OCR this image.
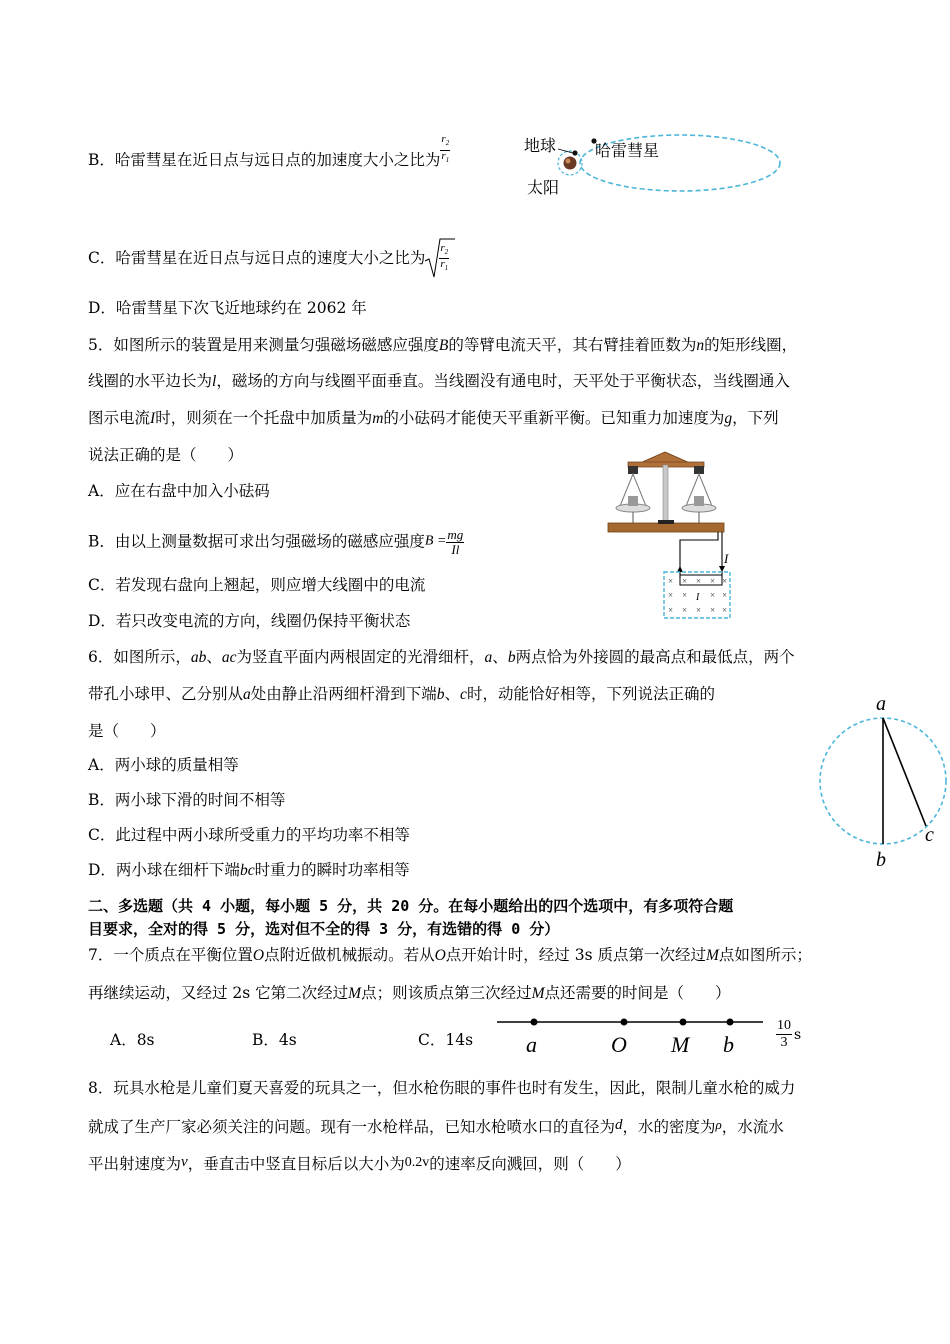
B．哈雷彗星在近日点与远日点的加速度大小之比为 $\frac{r_2}{r_1}$
C．哈雷彗星在近日点与远日点的速度大小之比为 $\frac{r_2}{r_1}$
D．哈雷彗星下次飞近地球约在 2062 年
地球 哈雷彗星
太阳
5．如图所示的装置是用来测量匀强磁场磁感应强度B的等臂电流天平，其右臂挂着匝数为n的矩形线圈，
线圈的水平边长为l，磁场的方向与线圈平面垂直。当线圈没有通电时，天平处于平衡状态，当线圈通入
图示电流I时，则须在一个托盘中加质量为m的小砝码才能使天平重新平衡。已知重力加速度为g，下列
说法正确的是（　　）
A．应在右盘中加入小砝码
B．由以上测量数据可求出匀强磁场的磁感应强度$B = \frac{mg}{Il}$
C．若发现右盘向上翘起，则应增大线圈中的电流
D．若只改变电流的方向，线圈仍保持平衡状态
I
× × × × ×
× ×	× ×
× × × × ×
I
6．如图所示，ab、ac为竖直平面内两根固定的光滑细杆，a、b两点恰为外接圆的最高点和最低点，两个
带孔小球甲、乙分别从a处由静止沿两细杆滑到下端b、c时，动能恰好相等，下列说法正确的
是（　　）
A．两小球的质量相等
B．两小球下滑的时间不相等
C．此过程中两小球所受重力的平均功率不相等
D．两小球在细杆下端bc时重力的瞬时功率相等
a
b
c
二、多选题（共 4 小题，每小题 5 分，共 20 分。在每小题给出的四个选项中，有多项符合题
目要求，全对的得 5 分，选对但不全的得 3 分，有选错的得 0 分）
7．一个质点在平衡位置O点附近做机械振动。若从O点开始计时，经过 3s 质点第一次经过M点如图所示；
再继续运动，又经过 2s 它第二次经过M点；则该质点第三次经过M点还需要的时间是（　　）
A．8s	B．4s	C．14s a	O M b	$\frac{10}{3}$ s
8．玩具水枪是儿童们夏天喜爱的玩具之一，但水枪伤眼的事件也时有发生，因此，限制儿童水枪的威力
就成了生产厂家必须关注的问题。现有一水枪样品，已知水枪喷水口的直径为d，水的密度为ρ，水流水
平出射速度为v，垂直击中竖直目标后以大小为0.2v的速率反向溅回，则（　　）
